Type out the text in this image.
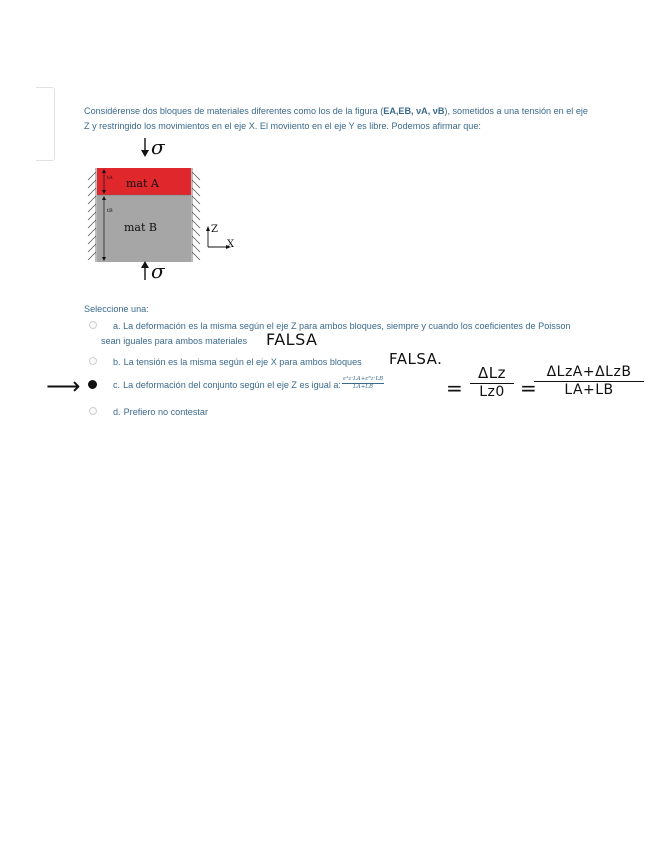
Considérense dos bloques de materiales diferentes como los de la figura (EA,EB, νA, νB), sometidos a una tensión en el eje
Z y restringido los movimientos en el eje X. El moviiento en el eje Y es libre. Podemos afirmar que:
σ
mat A
mat B
tA
tB
Z
X
σ
Seleccione una:
a. La deformación es la misma según el eje Z para ambos bloques, siempre y cuando los coeficientes de Poisson
sean iguales para ambos materiales
b. La tensión es la misma según el eje X para ambos bloques
c. La deformación del conjunto según el eje Z es igual a: $\frac{\text{εᴬz·LA+εᴮz·LB}}{LA+LB}$
d. Prefiero no contestar
FALSA
FALSA.
⟶	=
ΔLz
Lz0 =
ΔLzA+ΔLzB
LA+LB
